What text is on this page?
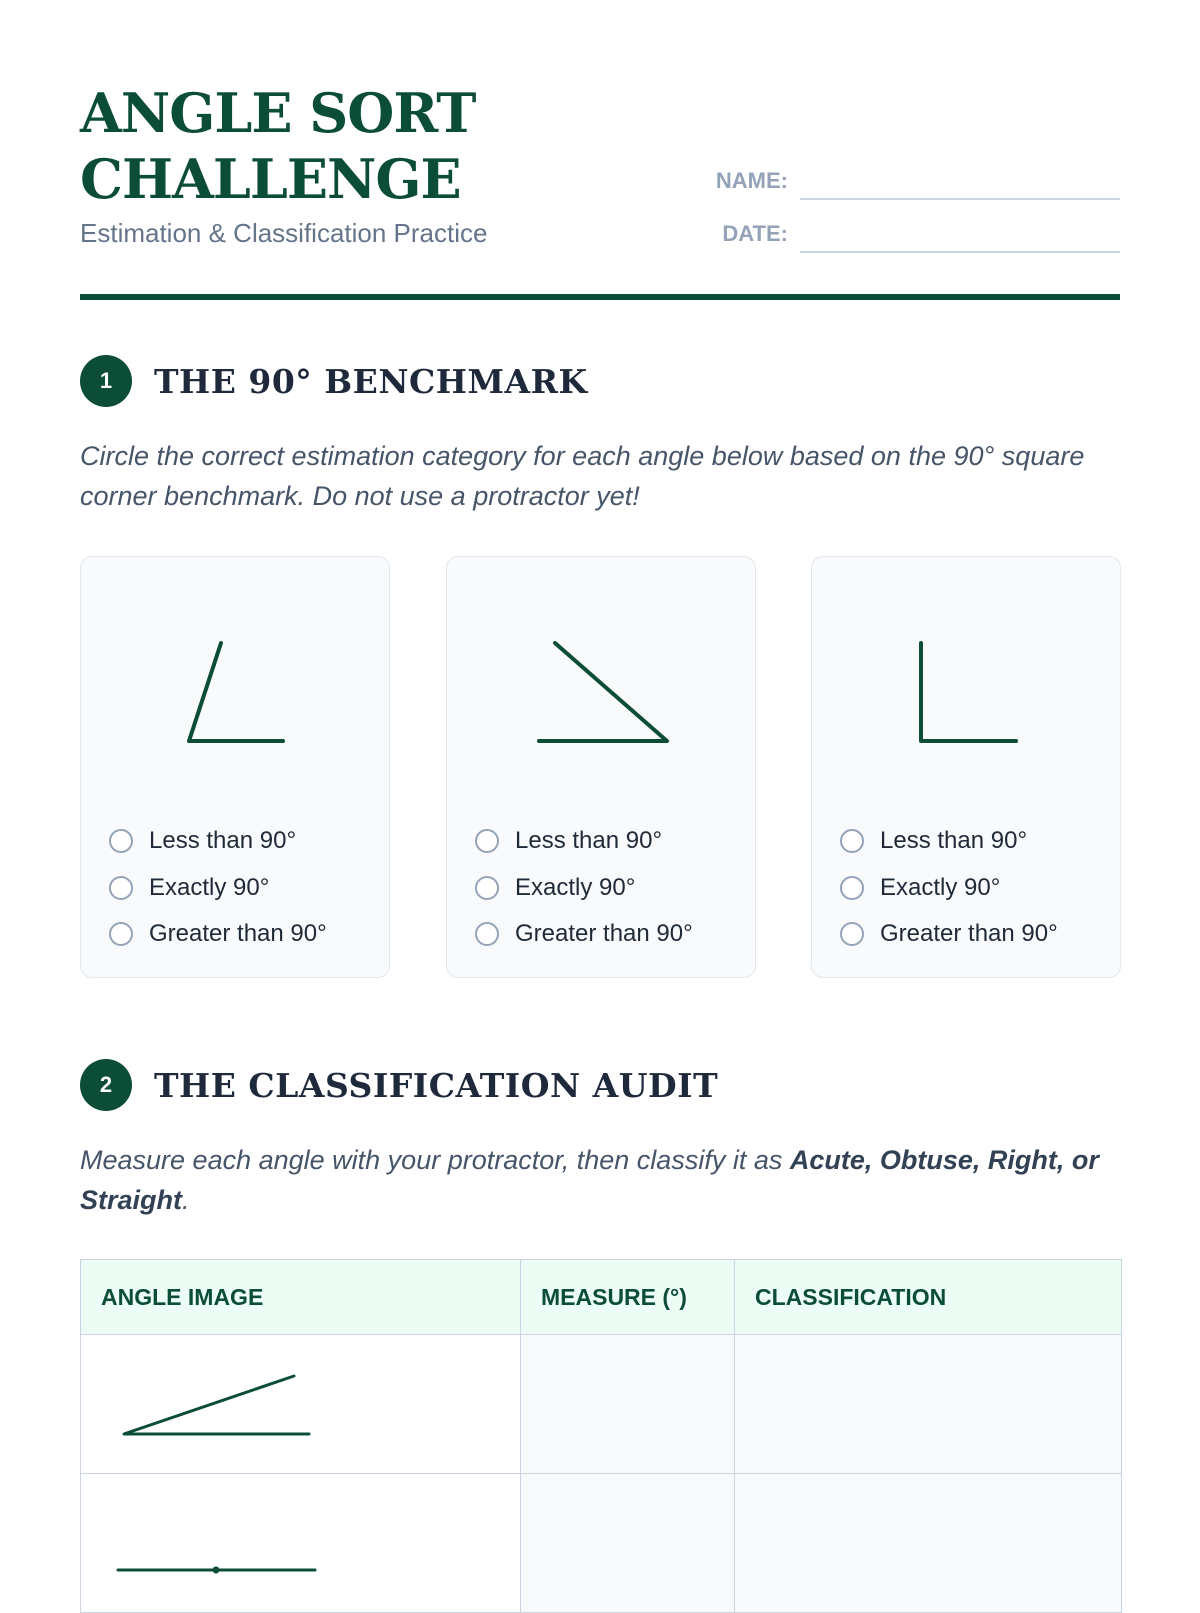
ANGLE SORT CHALLENGE
Estimation & Classification Practice
NAME:
DATE:
1	THE 90° BENCHMARK
Circle the correct estimation category for each angle below based on the 90° square corner benchmark. Do not use a protractor yet!
Less than 90°
Exactly 90°
Greater than 90°
Less than 90°
Exactly 90°
Greater than 90°
Less than 90°
Exactly 90°
Greater than 90°
2	THE CLASSIFICATION AUDIT
Measure each angle with your protractor, then classify it as Acute, Obtuse, Right, or Straight.
ANGLE IMAGE	MEASURE (°)	CLASSIFICATION
